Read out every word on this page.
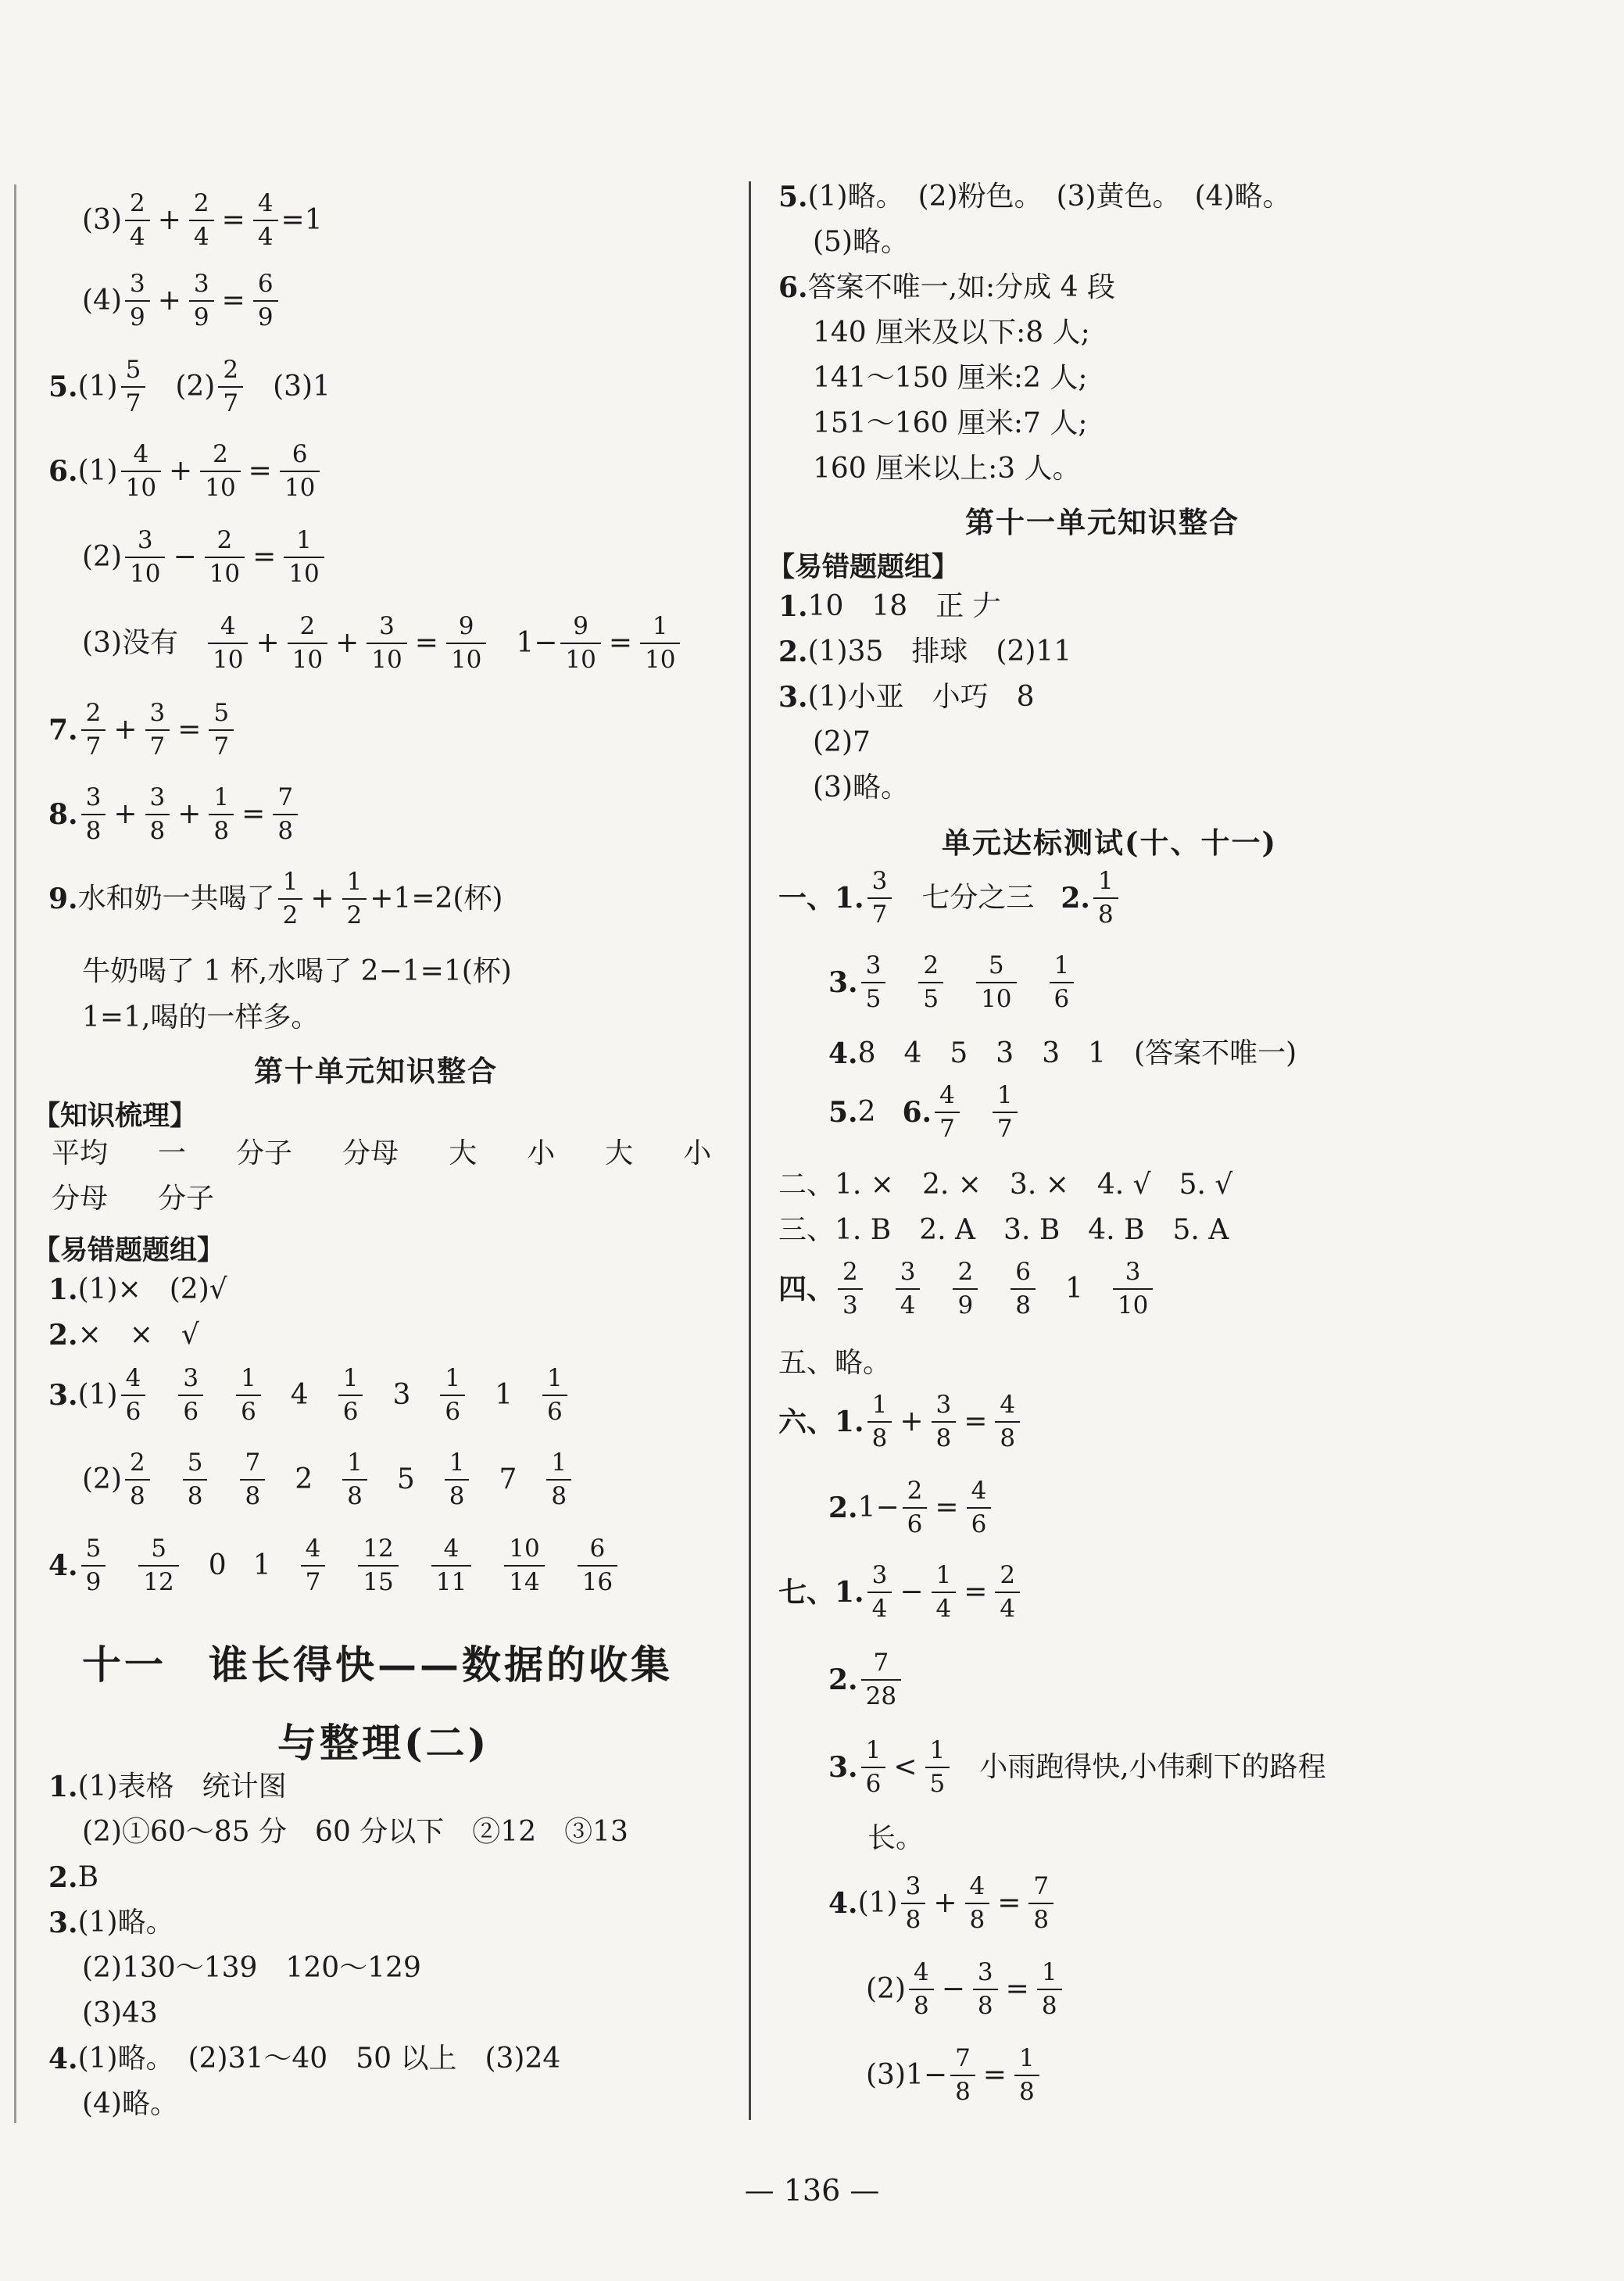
(3)
2
4
+ $\frac{2}{4} = \frac{4}{4} =1$
(4)
3
9
+ $\frac{3}{9} = \frac{6}{9}$
5. (1)
5
7
(2)
2
7
(3)1
6. (1)
4
10
+ $\frac{2}{10} = \frac{6}{10}$
(2)
3
10
− $\frac{2}{10} = \frac{1}{10}$
(3)没有
4
10
+ $\frac{2}{10} + \frac{3}{10} = \frac{9}{10} 1- \frac{9}{10} = \frac{1}{10}$
7.
2
7
+ $\frac{3}{7} = \frac{5}{7}$
8.
3
8
+ $\frac{3}{8} + \frac{1}{8} = \frac{7}{8}$
9. 水和奶一共喝了
1
2
+ $\frac{1}{2} +1=2$(杯)
牛奶喝了 1 杯,水喝了 2−1=1(杯)
1=1,喝的一样多。
第十单元知识整合
【知识梳理】
平均 一 分子 分母 大 小 大 小
分母 分子
【易错题题组】
1. (1)×　(2)√
2. ×　×　√
3. (1)
4
6
3
6
1
6
4
1
6
3
1
6
1
1
6
(2)
2
8
5
8
7
8
2
1
8
5
1
8
7
1
8
4.
5
9
5
12
0 1
4
7
12
15
4
11
10
14
6
16
十一　谁长得快——数据的收集
与整理(二)
1. (1)表格　统计图
(2)①60～85 分　60 分以下　②12　③13
2. B
3. (1)略。
(2)130～139　120～129
(3)43
4. (1)略。　(2)31～40　50 以上　(3)24
(4)略。
5. (1)略。　(2)粉色。　(3)黄色。　(4)略。
(5)略。
6. 答案不唯一,如:分成 4 段
140 厘米及以下:8 人;
141～150 厘米:2 人;
151～160 厘米:7 人;
160 厘米以上:3 人。
第十一单元知识整合
【易错题题组】
1. 10　18　正 𠂇
2. (1)35　排球　(2)11
3. (1)小亚　小巧　8
(2)7
(3)略。
单元达标测试(十、十一)
一、1.
3
7
七分之三 2.
1
8
3.
3
5
2
5
5
10
1
6
4. 8　4　5　3　3　1　(答案不唯一)
5. 2 6.
4
7
1
7
二、1. ×　2. ×　3. ×　4. √　5. √
三、1. B　2. A　3. B　4. B　5. A
四、
2
3
3
4
2
9
6
8
1
3
10
五、略。
六、1.
1
8
+ $\frac{3}{8} = \frac{4}{8}$
2. $1- \frac{2}{6} = \frac{4}{6}$
七、1.
3
4
− $\frac{1}{4} = \frac{2}{4}$
2.
7
28
3.
1
6
<
1
5
小雨跑得快,小伟剩下的路程
长。
4. (1)
3
8
+ $\frac{4}{8} = \frac{7}{8}$
(2)
4
8
− $\frac{3}{8} = \frac{1}{8}$
$(3)1- \frac{7}{8} = \frac{1}{8}$
— 136 —
